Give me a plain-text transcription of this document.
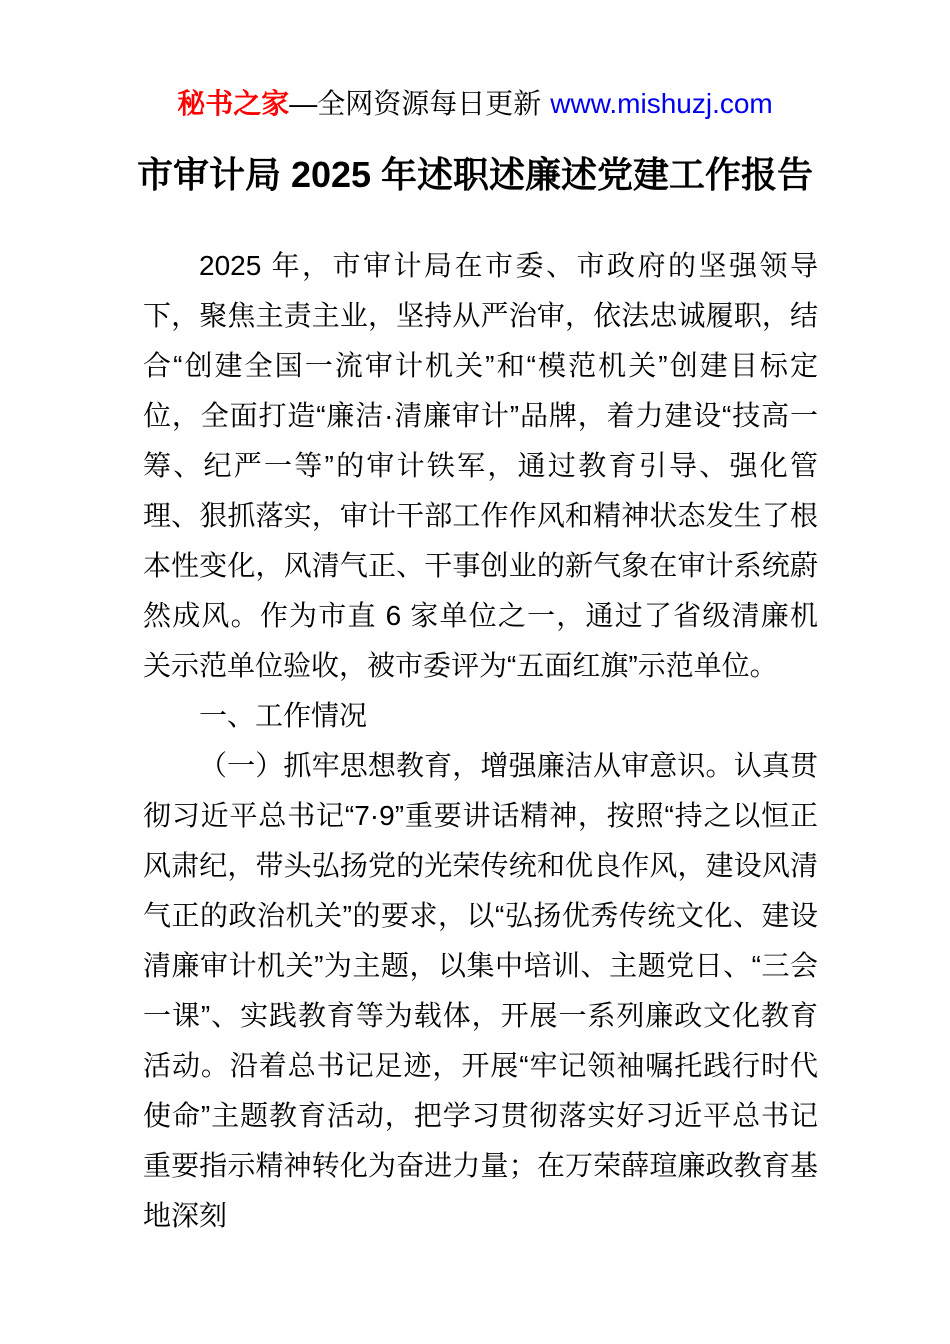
秘书之家—全网资源每日更新 www.mishuzj.com
市审计局 2025 年述职述廉述党建工作报告

2025 年，市审计局在市委、市政府的坚强领导下，聚焦主责主业，坚持从严治审，依法忠诚履职，结合“创建全国一流审计机关”和“模范机关”创建目标定位，全面打造“廉洁·清廉审计”品牌，着力建设“技高一筹、纪严一等”的审计铁军，通过教育引导、强化管理、狠抓落实，审计干部工作作风和精神状态发生了根本性变化，风清气正、干事创业的新气象在审计系统蔚然成风。作为市直 6 家单位之一，通过了省级清廉机关示范单位验收，被市委评为“五面红旗”示范单位。

一、工作情况

（一）抓牢思想教育，增强廉洁从审意识。认真贯彻习近平总书记“7·9”重要讲话精神，按照“持之以恒正风肃纪，带头弘扬党的光荣传统和优良作风，建设风清气正的政治机关”的要求，以“弘扬优秀传统文化、建设清廉审计机关”为主题，以集中培训、主题党日、“三会一课”、实践教育等为载体，开展一系列廉政文化教育活动。沿着总书记足迹，开展“牢记领袖嘱托践行时代使命”主题教育活动，把学习贯彻落实好习近平总书记重要指示精神转化为奋进力量；在万荣薛瑄廉政教育基地深刻
